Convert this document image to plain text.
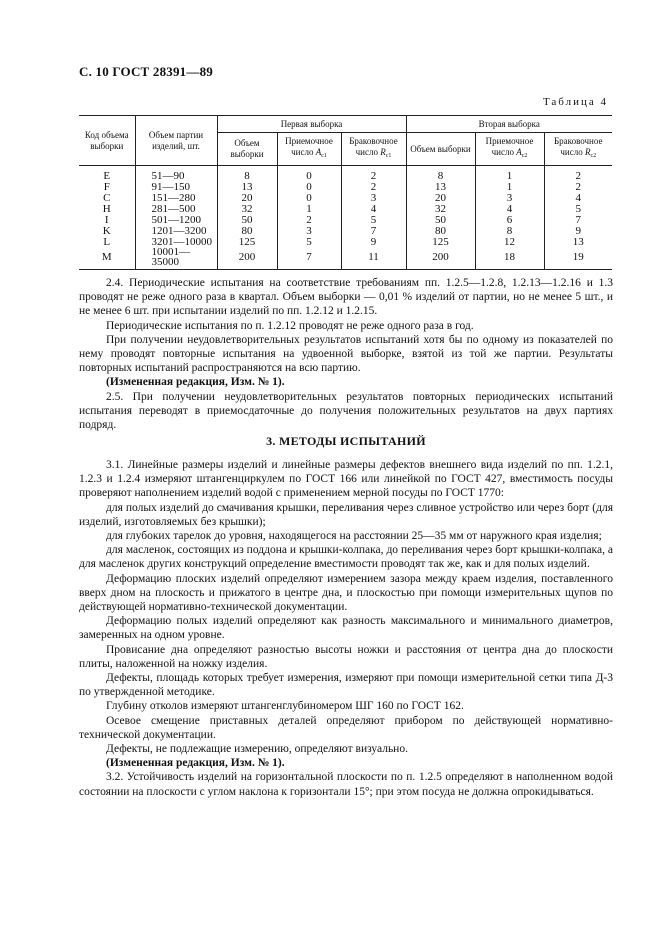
С. 10 ГОСТ 28391—89
Таблица 4
Код объема выборки	Объем партии изделий, шт.	Первая выборка			Вторая выборка		
		Объем выборки	Приемочное число $A_{c1}$	Браковочное число $R_{c1}$	Объем выборки	Приемочное число $A_{c2}$	Браковочное число $R_{c2}$
E	51—90	8	0	2	8	1	2
F	91—150	13	0	2	13	1	2
C	151—280	20	0	3	20	3	4
H	281—500	32	1	4	32	4	5
I	501—1200	50	2	5	50	6	7
K	1201—3200	80	3	7	80	8	9
L	3201—10000	125	5	9	125	12	13
M	10001—35000	200	7	11	200	18	19

2.4. Периодические испытания на соответствие требованиям пп. 1.2.5—1.2.8, 1.2.13—1.2.16 и 1.3 проводят не реже одного раза в квартал. Объем выборки — 0,01 % изделий от партии, но не менее 5 шт., и не менее 6 шт. при испытании изделий по пп. 1.2.12 и 1.2.15.

Периодические испытания по п. 1.2.12 проводят не реже одного раза в год.

При получении неудовлетворительных результатов испытаний хотя бы по одному из показателей по нему проводят повторные испытания на удвоенной выборке, взятой из той же партии. Результаты повторных испытаний распространяются на всю партию.

(Измененная редакция, Изм. № 1).

2.5. При получении неудовлетворительных результатов повторных периодических испытаний испытания переводят в приемосдаточные до получения положительных результатов на двух партиях подряд.

3. МЕТОДЫ ИСПЫТАНИЙ

3.1. Линейные размеры изделий и линейные размеры дефектов внешнего вида изделий по пп. 1.2.1, 1.2.3 и 1.2.4 измеряют штангенциркулем по ГОСТ 166 или линейкой по ГОСТ 427, вместимость посуды проверяют наполнением изделий водой с применением мерной посуды по ГОСТ 1770:

для полых изделий до смачивания крышки, переливания через сливное устройство или через борт (для изделий, изготовляемых без крышки);

для глубоких тарелок до уровня, находящегося на расстоянии 25—35 мм от наружного края изделия;

для масленок, состоящих из поддона и крышки-колпака, до переливания через борт крышки-колпака, а для масленок других конструкций определение вместимости проводят так же, как и для полых изделий.

Деформацию плоских изделий определяют измерением зазора между краем изделия, поставленного вверх дном на плоскость и прижатого в центре дна, и плоскостью при помощи измерительных щупов по действующей нормативно-технической документации.

Деформацию полых изделий определяют как разность максимального и минимального диаметров, замеренных на одном уровне.

Провисание дна определяют разностью высоты ножки и расстояния от центра дна до плоскости плиты, наложенной на ножку изделия.

Дефекты, площадь которых требует измерения, измеряют при помощи измерительной сетки типа Д-3 по утвержденной методике.

Глубину отколов измеряют штангенглубиномером ШГ 160 по ГОСТ 162.

Осевое смещение приставных деталей определяют прибором по действующей нормативно-технической документации.

Дефекты, не подлежащие измерению, определяют визуально.

(Измененная редакция, Изм. № 1).

3.2. Устойчивость изделий на горизонтальной плоскости по п. 1.2.5 определяют в наполненном водой состоянии на плоскости с углом наклона к горизонтали 15°; при этом посуда не должна опрокидываться.
